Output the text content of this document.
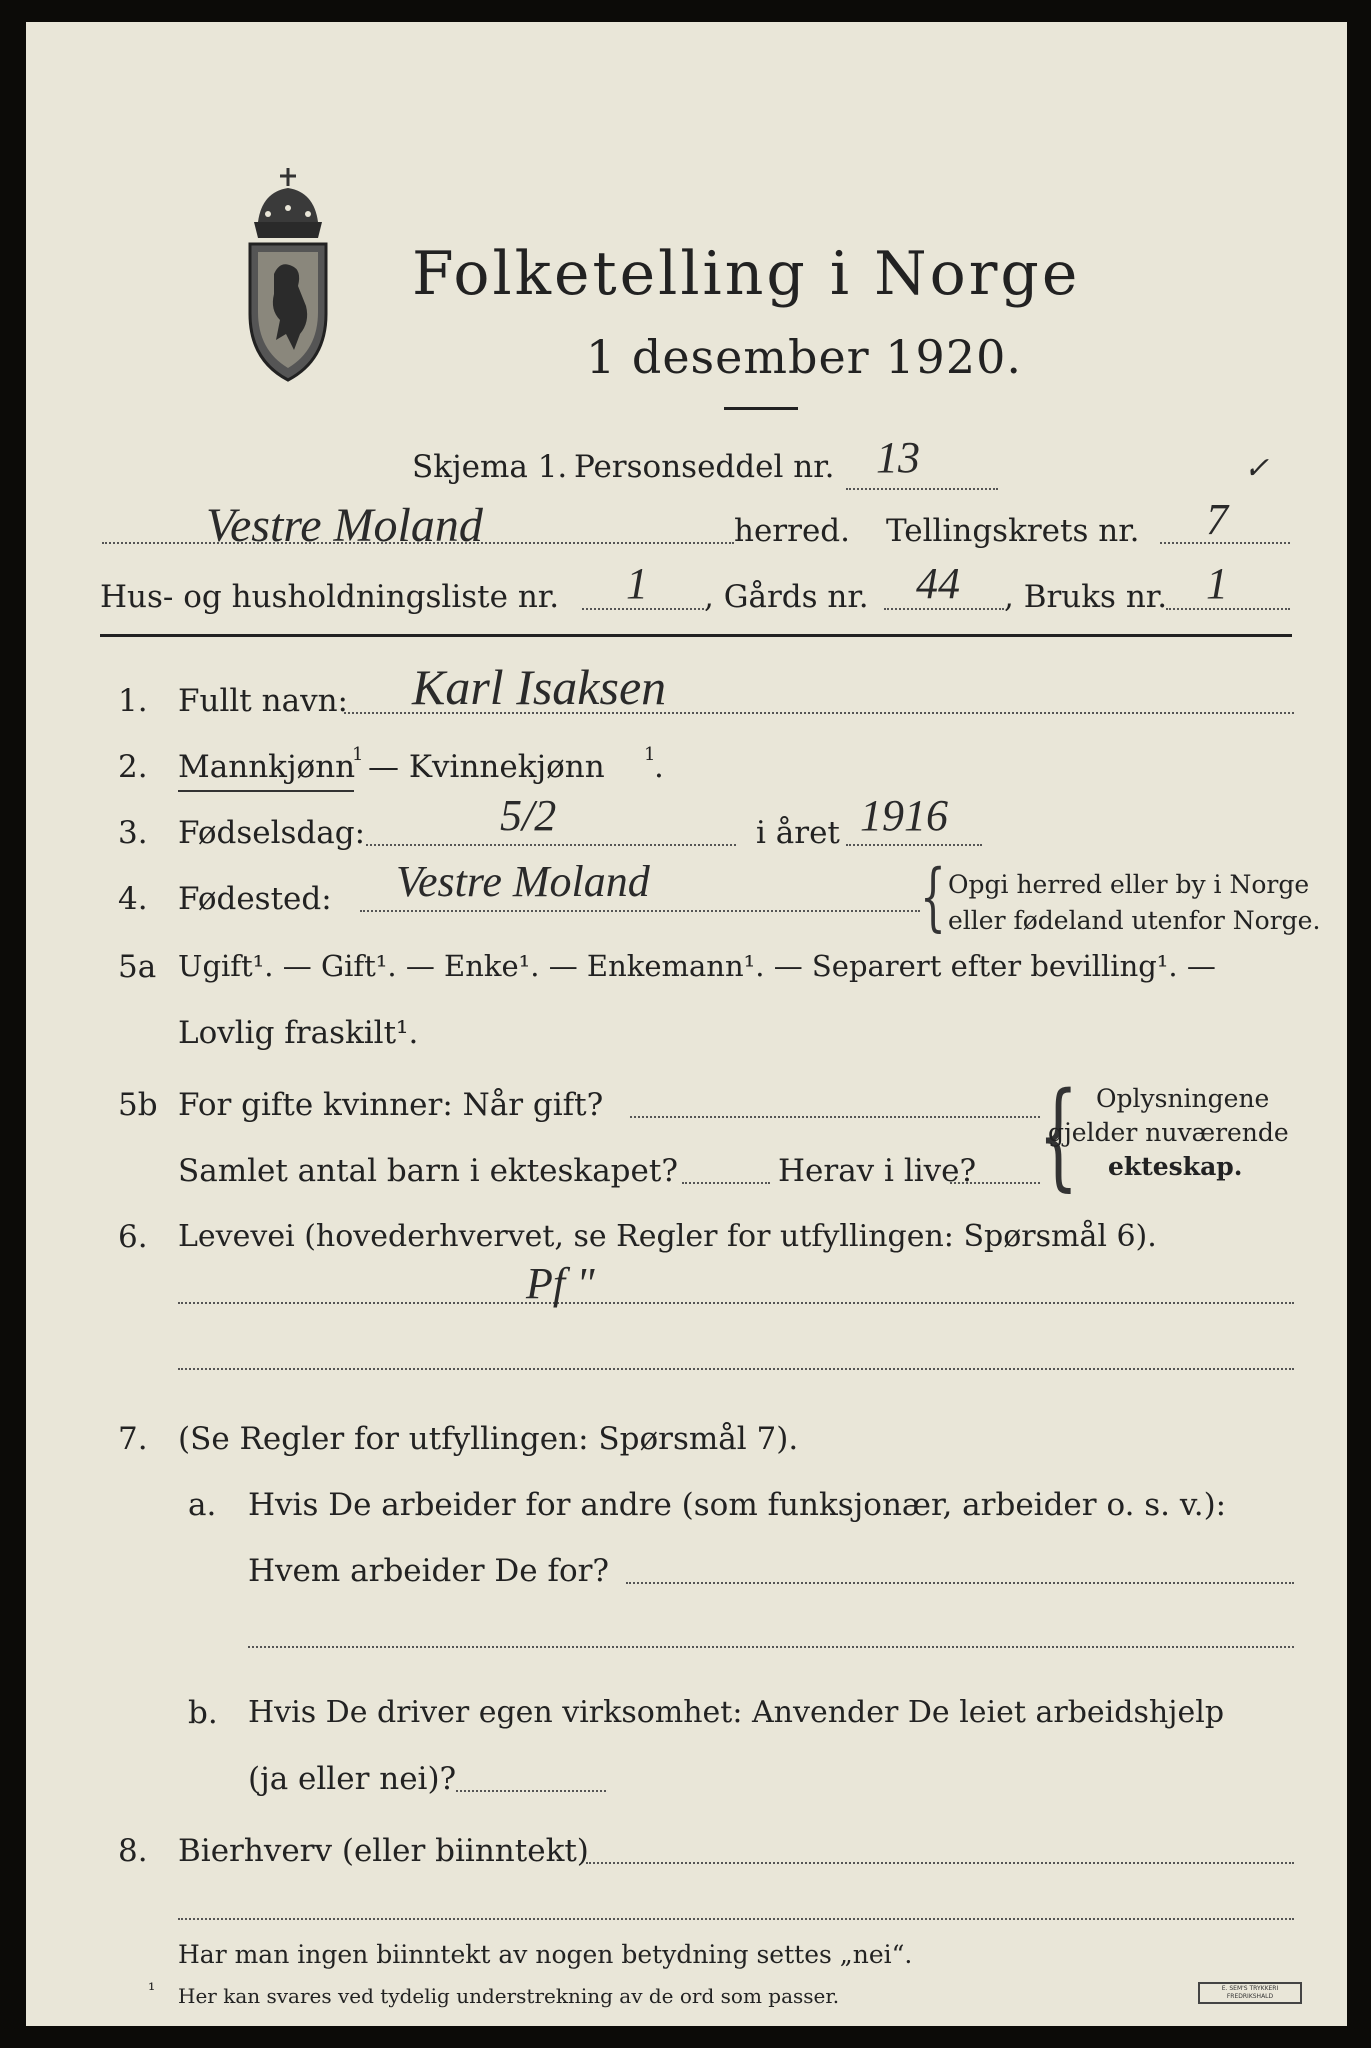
Folketelling i Norge
1 desember 1920.
Skjema 1. Personseddel nr. 13	✓
Vestre Moland	herred. Tellingskrets nr. 7
Hus- og husholdningsliste nr. 1 , Gårds nr. 44 , Bruks nr. 1
1. Fullt navn: Karl Isaksen
2. Mannkjønn
1 — Kvinnekjønn 1
.
3. Fødselsdag:	5/2	i året 1916
4. Fødested: Vestre Moland	{ Opgi herred eller by i Norge
eller fødeland utenfor Norge.
5a Ugift¹. — Gift¹. — Enke¹. — Enkemann¹. — Separert efter bevilling¹. —
Lovlig fraskilt¹.
5b For gifte kvinner: Når gift?
Samlet antal barn i ekteskapet?	Herav i live? { Oplysningene
gjelder nuværende
ekteskap.
6. Levevei (hovederhvervet, se Regler for utfyllingen: Spørsmål 6).
Pf "
7. (Se Regler for utfyllingen: Spørsmål 7).
a. Hvis De arbeider for andre (som funksjonær, arbeider o. s. v.):
Hvem arbeider De for?
b. Hvis De driver egen virksomhet: Anvender De leiet arbeidshjelp
(ja eller nei)?
8. Bierhverv (eller biinntekt)
Har man ingen biinntekt av nogen betydning settes „nei“.
¹ Her kan svares ved tydelig understrekning av de ord som passer.	E. SEM'S TRYKKERI FREDRIKSHALD
